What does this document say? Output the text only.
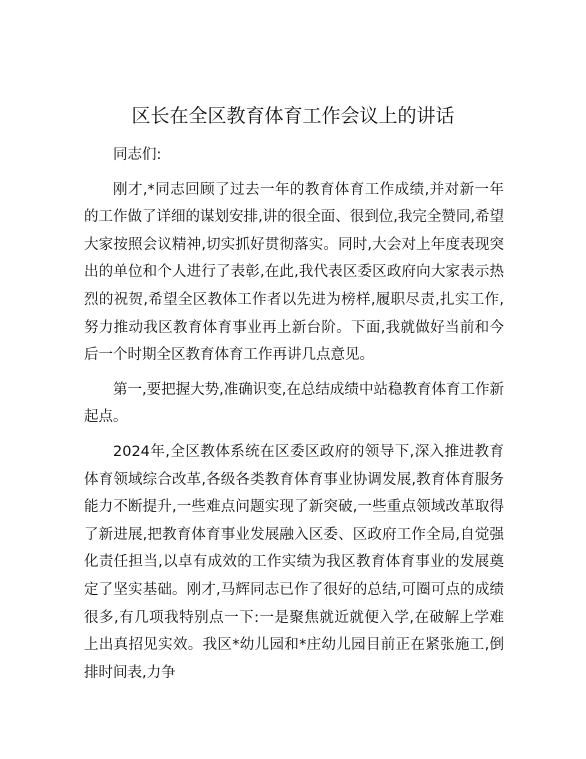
区长在全区教育体育工作会议上的讲话

同志们:

刚才,*同志回顾了过去一年的教育体育工作成绩,并对新一年的工作做了详细的谋划安排,讲的很全面、很到位,我完全赞同,希望大家按照会议精神,切实抓好贯彻落实。同时,大会对上年度表现突出的单位和个人进行了表彰,在此,我代表区委区政府向大家表示热烈的祝贺,希望全区教体工作者以先进为榜样,履职尽责,扎实工作,努力推动我区教育体育事业再上新台阶。下面,我就做好当前和今后一个时期全区教育体育工作再讲几点意见。

第一,要把握大势,准确识变,在总结成绩中站稳教育体育工作新起点。

2024年,全区教体系统在区委区政府的领导下,深入推进教育体育领域综合改革,各级各类教育体育事业协调发展,教育体育服务能力不断提升,一些难点问题实现了新突破,一些重点领域改革取得了新进展,把教育体育事业发展融入区委、区政府工作全局,自觉强化责任担当,以卓有成效的工作实绩为我区教育体育事业的发展奠定了坚实基础。刚才,马辉同志已作了很好的总结,可圈可点的成绩很多,有几项我特别点一下:一是聚焦就近就便入学,在破解上学难上出真招见实效。我区*幼儿园和*庄幼儿园目前正在紧张施工,倒排时间表,力争
